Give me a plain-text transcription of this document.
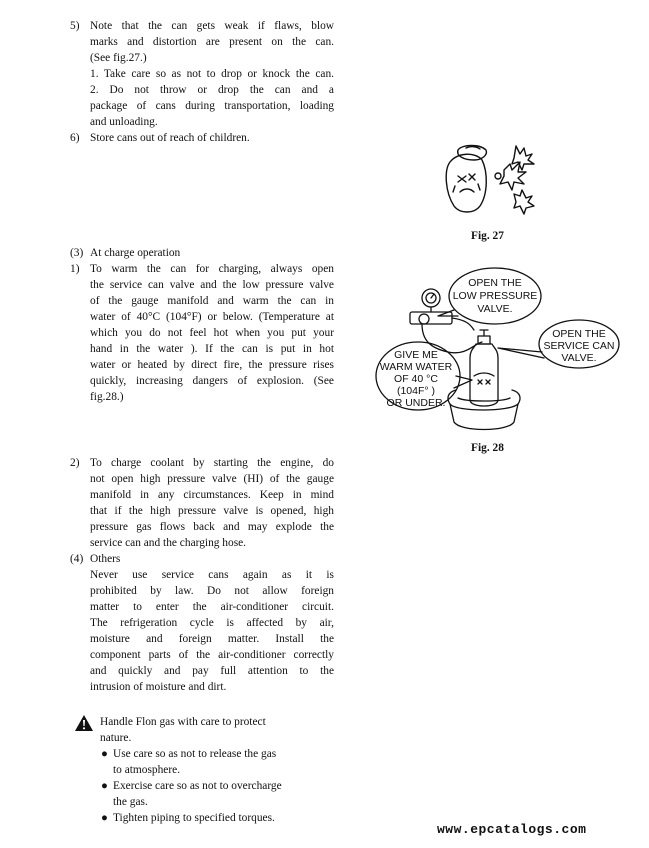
5) Note that the can gets weak if flaws, blow
marks and distortion are present on the can.
(See fig.27.)
1. Take care so as not to drop or knock the can.
2. Do not throw or drop the can and a
package of cans during transportation, loading
and unloading.
6) Store cans out of reach of children.
Fig. 27
(3) At charge operation
1) To warm the can for charging, always open
the service can valve and the low pressure valve
of the gauge manifold and warm the can in
water of 40°C (104°F) or below. (Temperature at
which you do not feel hot when you put your
hand in the water ). If the can is put in hot
water or heated by direct fire, the pressure rises
quickly, increasing dangers of explosion. (See
fig.28.)
2) To charge coolant by starting the engine, do
not open high pressure valve (HI) of the gauge
manifold in any circumstances. Keep in mind
that if the high pressure valve is opened, high
pressure gas flows back and may explode the
service can and the charging hose.
OPEN THE
LOW PRESSURE
VALVE.
OPEN THE
SERVICE CAN
VALVE.
GIVE ME
WARM WATER
OF 40 °C
(104F° )
OR UNDER.
Fig. 28
(4) Others
Never use service cans again as it is
prohibited by law. Do not allow foreign
matter to enter the air-conditioner circuit.
The refrigeration cycle is affected by air,
moisture and foreign matter. Install the
component parts of the air-conditioner correctly
and quickly and pay full attention to the
intrusion of moisture and dirt.
Handle Flon gas with care to protect
nature.
● Use care so as not to release the gas
to atmosphere.
● Exercise care so as not to overcharge
the gas.
● Tighten piping to specified torques.
www.epcatalogs.com
